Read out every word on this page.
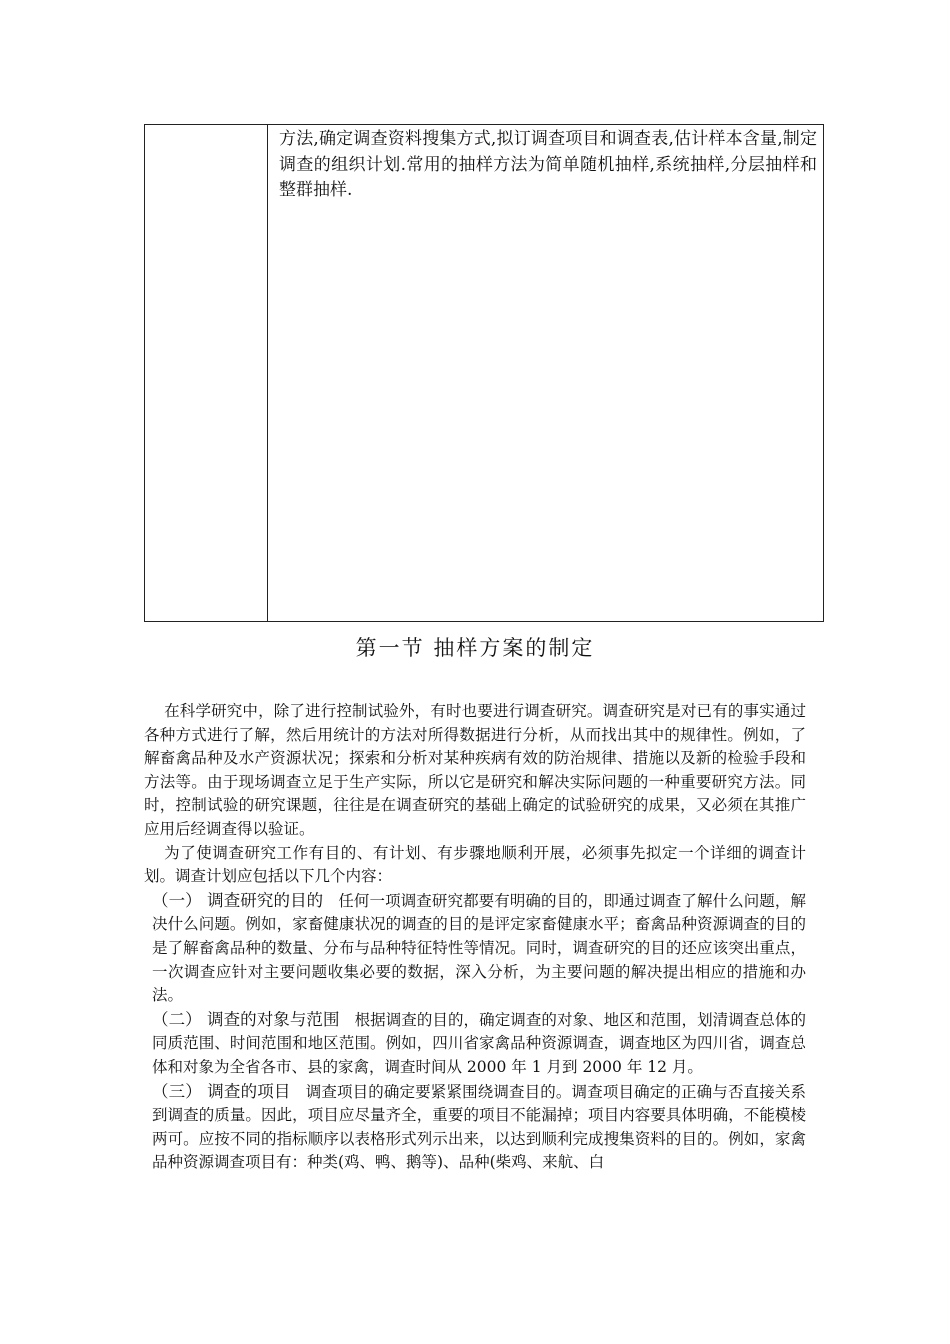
方法,确定调查资料搜集方式,拟订调查项目和调查表,估计样本含量,制定调查的组织计划.常用的抽样方法为简单随机抽样,系统抽样,分层抽样和整群抽样.
第一节 抽样方案的制定

在科学研究中，除了进行控制试验外，有时也要进行调查研究。调查研究是对已有的事实通过各种方式进行了解，然后用统计的方法对所得数据进行分析，从而找出其中的规律性。例如，了解畜禽品种及水产资源状况；探索和分析对某种疾病有效的防治规律、措施以及新的检验手段和方法等。由于现场调查立足于生产实际，所以它是研究和解决实际问题的一种重要研究方法。同时，控制试验的研究课题，往往是在调查研究的基础上确定的试验研究的成果，又必须在其推广应用后经调查得以验证。

为了使调查研究工作有目的、有计划、有步骤地顺利开展，必须事先拟定一个详细的调查计划。调查计划应包括以下几个内容：

（一） 调查研究的目的 任何一项调查研究都要有明确的目的，即通过调查了解什么问题，解决什么问题。例如，家畜健康状况的调查的目的是评定家畜健康水平；畜禽品种资源调查的目的是了解畜禽品种的数量、分布与品种特征特性等情况。同时，调查研究的目的还应该突出重点，一次调查应针对主要问题收集必要的数据，深入分析，为主要问题的解决提出相应的措施和办法。

（二） 调查的对象与范围 根据调查的目的，确定调查的对象、地区和范围，划清调查总体的同质范围、时间范围和地区范围。例如，四川省家禽品种资源调查，调查地区为四川省，调查总体和对象为全省各市、县的家禽，调查时间从 2000 年 1 月到 2000 年 12 月。

（三） 调查的项目 调查项目的确定要紧紧围绕调查目的。调查项目确定的正确与否直接关系到调查的质量。因此，项目应尽量齐全，重要的项目不能漏掉；项目内容要具体明确，不能模棱两可。应按不同的指标顺序以表格形式列示出来，以达到顺利完成搜集资料的目的。例如，家禽品种资源调查项目有：种类(鸡、鸭、鹅等)、品种(柴鸡、来航、白
